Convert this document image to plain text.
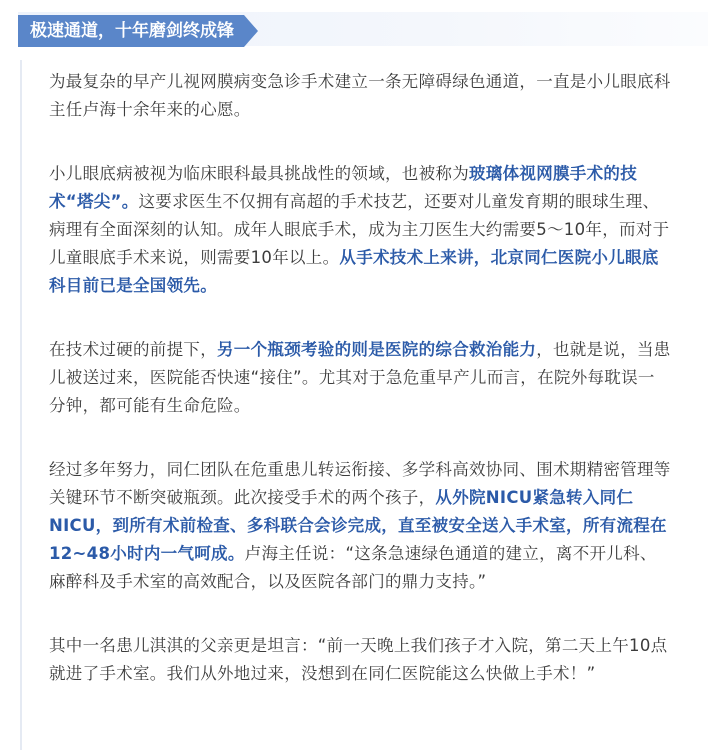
极速通道，十年磨剑终成锋

为最复杂的早产儿视网膜病变急诊手术建立一条无障碍绿色通道，一直是小儿眼底科主任卢海十余年来的心愿。

小儿眼底病被视为临床眼科最具挑战性的领域，也被称为玻璃体视网膜手术的技术“塔尖”。这要求医生不仅拥有高超的手术技艺，还要对儿童发育期的眼球生理、病理有全面深刻的认知。成年人眼底手术，成为主刀医生大约需要5～10年，而对于儿童眼底手术来说，则需要10年以上。从手术技术上来讲，北京同仁医院小儿眼底科目前已是全国领先。

在技术过硬的前提下，另一个瓶颈考验的则是医院的综合救治能力，也就是说，当患儿被送过来，医院能否快速“接住”。尤其对于急危重早产儿而言，在院外每耽误一分钟，都可能有生命危险。

经过多年努力，同仁团队在危重患儿转运衔接、多学科高效协同、围术期精密管理等关键环节不断突破瓶颈。此次接受手术的两个孩子，从外院NICU紧急转入同仁NICU，到所有术前检查、多科联合会诊完成，直至被安全送入手术室，所有流程在12~48小时内一气呵成。卢海主任说：“这条急速绿色通道的建立，离不开儿科、麻醉科及手术室的高效配合，以及医院各部门的鼎力支持。”

其中一名患儿淇淇的父亲更是坦言：“前一天晚上我们孩子才入院，第二天上午10点就进了手术室。我们从外地过来，没想到在同仁医院能这么快做上手术！”
